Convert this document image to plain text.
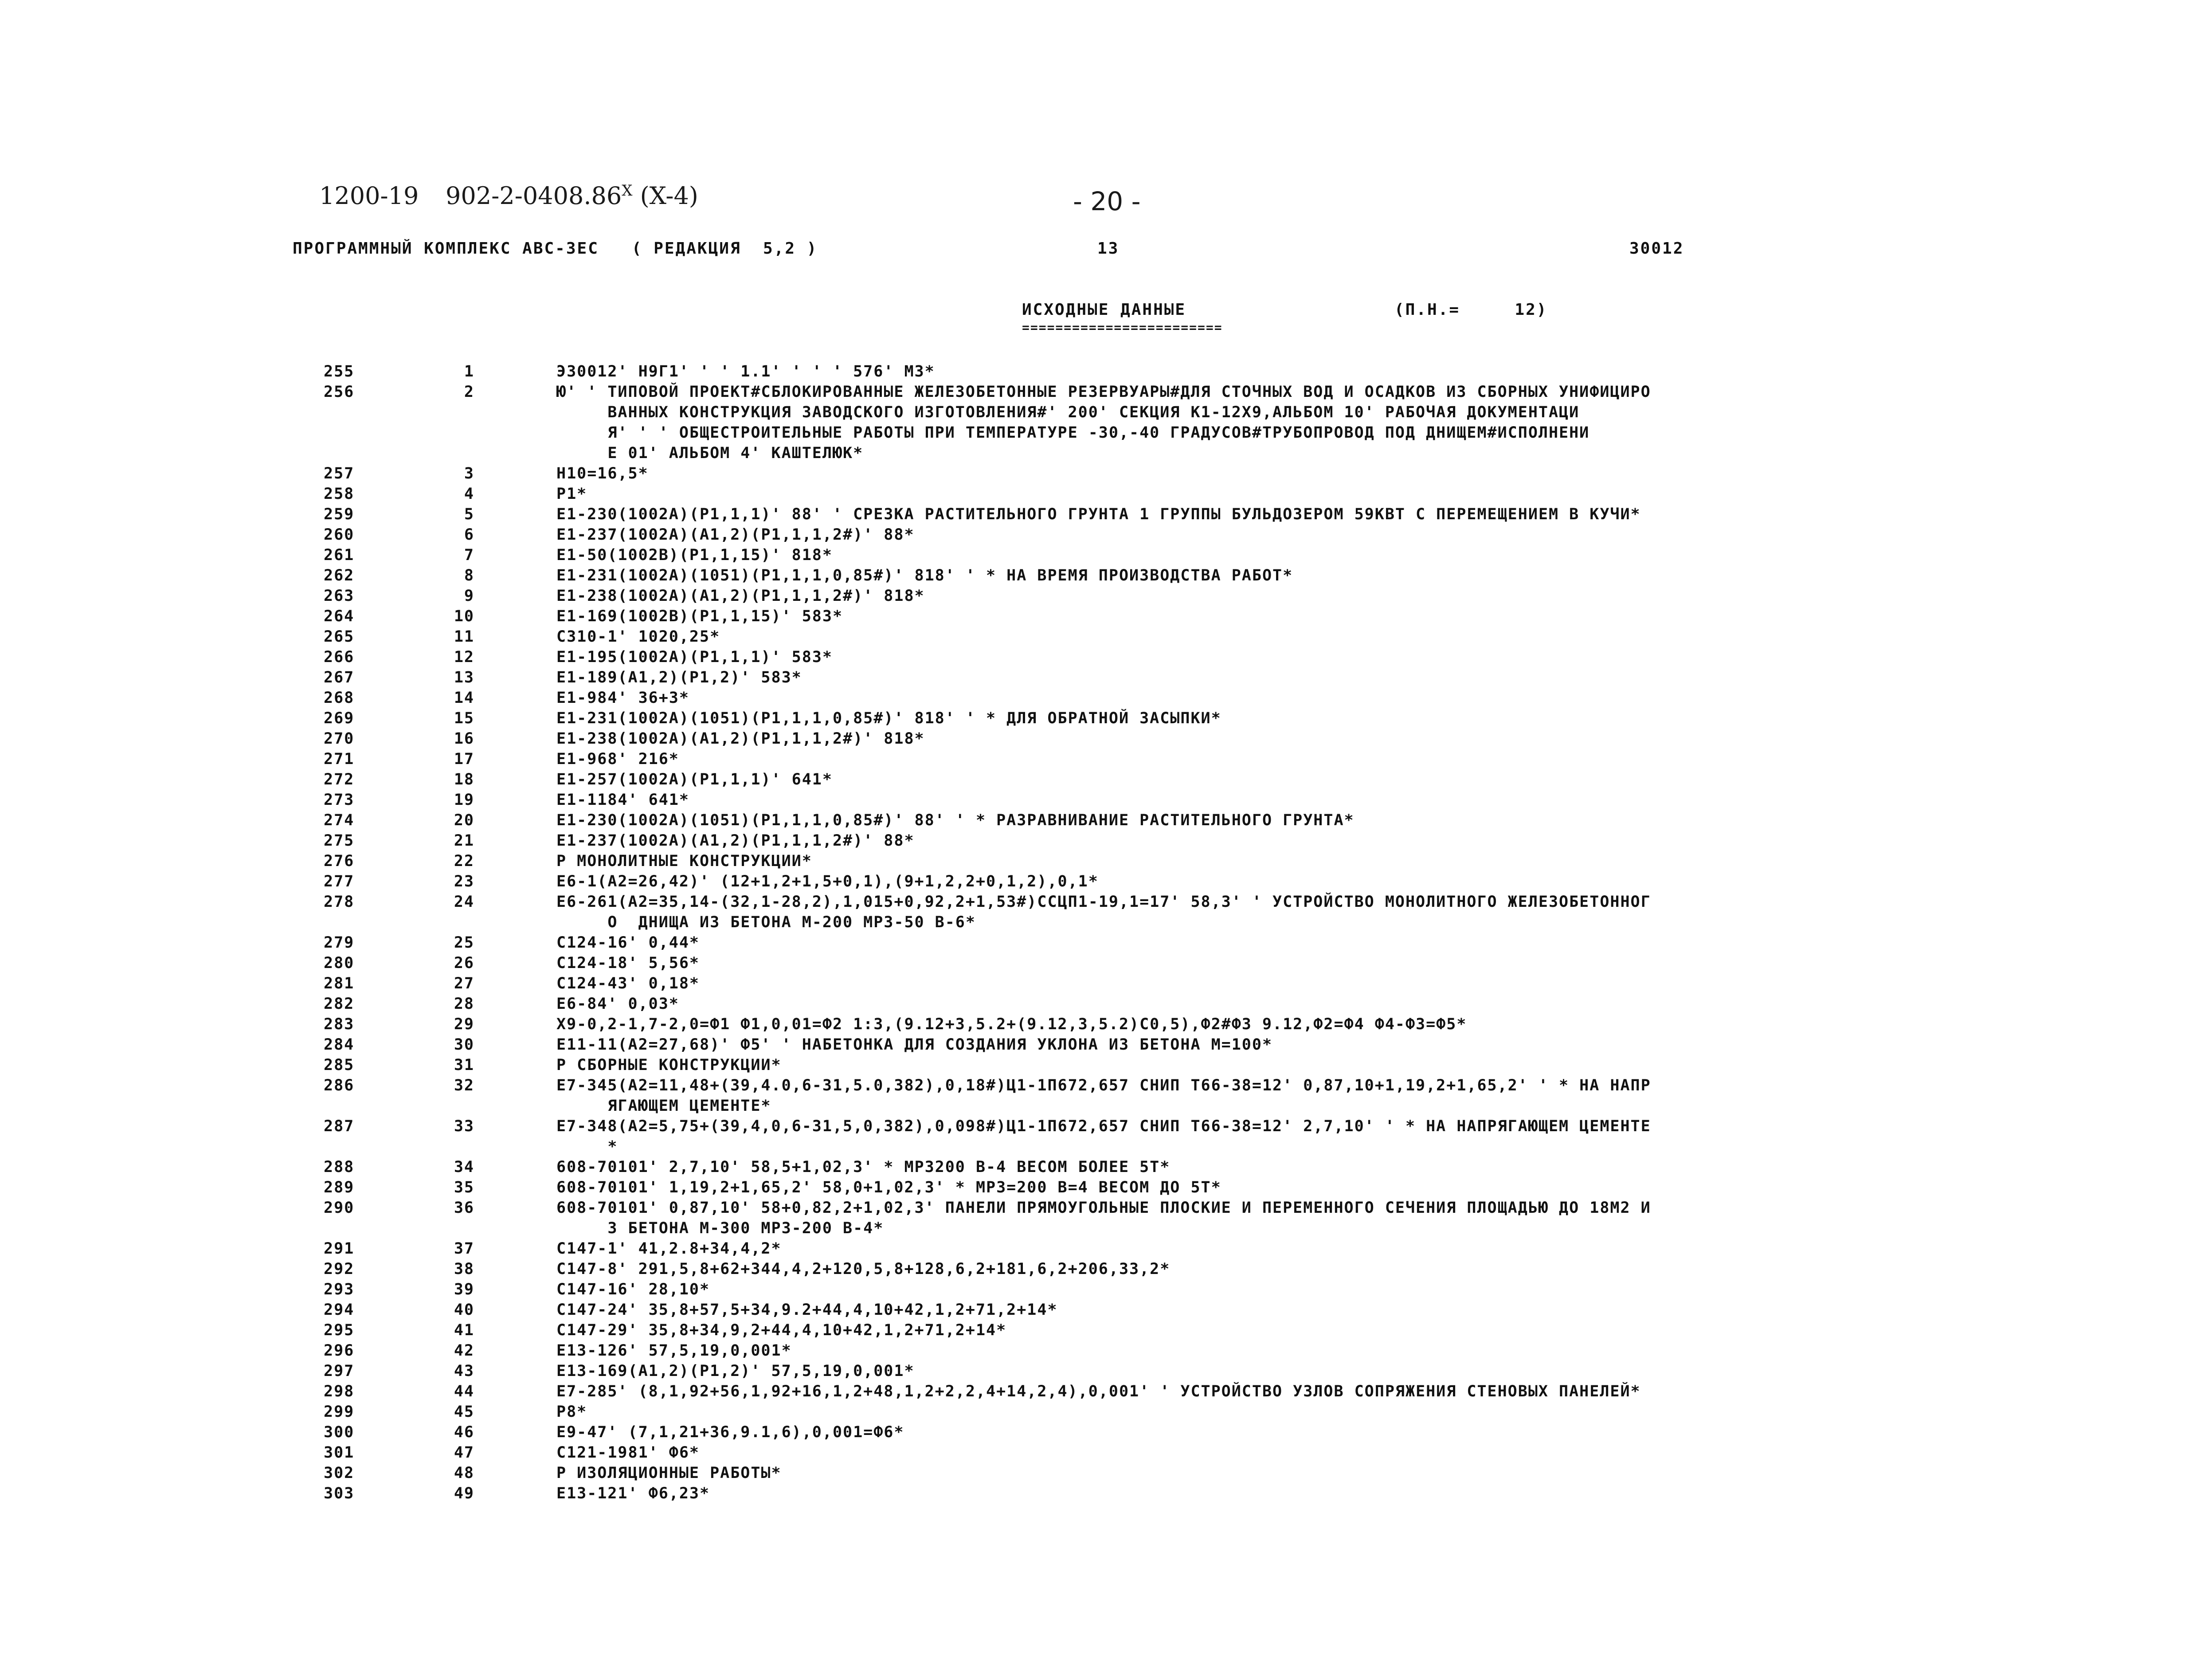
1200-19 $902-2-0408.86^X$ (X-4)	- 20 -
ПРОГРАММНЫЙ КОМПЛЕКС АВС-3ЕС   ( РЕДАКЦИЯ  5,2 )	13	30012
ИСХОДНЫЕ ДАННЫЕ
========================
(П.Н.=     12)
255	1	Э30012' Н9Г1' ' ' 1.1' ' ' ' 576' МЗ*
256	2	Ю' ' ТИПОВОЙ ПРОЕКТ#СБЛОКИРОВАННЫЕ ЖЕЛЕЗОБЕТОННЫЕ РЕЗЕРВУАРЫ#ДЛЯ СТОЧНЫХ ВОД И ОСАДКОВ ИЗ СБОРНЫХ УНИФИЦИРО
ВАННЫХ КОНСТРУКЦИЯ ЗАВОДСКОГО ИЗГОТОВЛЕНИЯ#' 200' СЕКЦИЯ К1-12Х9,АЛЬБОМ 10' РАБОЧАЯ ДОКУМЕНТАЦИ
Я' ' ' ОБЩЕСТРОИТЕЛЬНЫЕ РАБОТЫ ПРИ ТЕМПЕРАТУРЕ -30,-40 ГРАДУСОВ#ТРУБОПРОВОД ПОД ДНИЩЕМ#ИСПОЛНЕНИ
Е 01' АЛЬБОМ 4' КАШТЕЛЮК*
257	3	Н10=16,5*
258	4	Р1*
259	5	Е1-230(1002А)(Р1,1,1)' 88' ' СРЕЗКА РАСТИТЕЛЬНОГО ГРУНТА 1 ГРУППЫ БУЛЬДОЗЕРОМ 59КВТ С ПЕРЕМЕЩЕНИЕМ В КУЧИ*
260	6	Е1-237(1002А)(А1,2)(Р1,1,1,2#)' 88*
261	7	Е1-50(1002В)(Р1,1,15)' 818*
262	8	Е1-231(1002А)(1051)(Р1,1,1,0,85#)' 818' ' * НА ВРЕМЯ ПРОИЗВОДСТВА РАБОТ*
263	9	Е1-238(1002А)(А1,2)(Р1,1,1,2#)' 818*
264	10	Е1-169(1002В)(Р1,1,15)' 583*
265	11	С310-1' 1020,25*
266	12	Е1-195(1002А)(Р1,1,1)' 583*
267	13	Е1-189(А1,2)(Р1,2)' 583*
268	14	Е1-984' 36+3*
269	15	Е1-231(1002А)(1051)(Р1,1,1,0,85#)' 818' ' * ДЛЯ ОБРАТНОЙ ЗАСЫПКИ*
270	16	Е1-238(1002А)(А1,2)(Р1,1,1,2#)' 818*
271	17	Е1-968' 216*
272	18	Е1-257(1002А)(Р1,1,1)' 641*
273	19	Е1-1184' 641*
274	20	Е1-230(1002А)(1051)(Р1,1,1,0,85#)' 88' ' * РАЗРАВНИВАНИЕ РАСТИТЕЛЬНОГО ГРУНТА*
275	21	Е1-237(1002А)(А1,2)(Р1,1,1,2#)' 88*
276	22	Р МОНОЛИТНЫЕ КОНСТРУКЦИИ*
277	23	Е6-1(А2=26,42)' (12+1,2+1,5+0,1),(9+1,2,2+0,1,2),0,1*
278	24	Е6-261(А2=35,14-(32,1-28,2),1,015+0,92,2+1,53#)ССЦП1-19,1=17' 58,3' ' УСТРОЙСТВО МОНОЛИТНОГО ЖЕЛЕЗОБЕТОННОГ
О  ДНИЩА ИЗ БЕТОНА М-200 МРЗ-50 В-6*
279	25	С124-16' 0,44*
280	26	С124-18' 5,56*
281	27	С124-43' 0,18*
282	28	Е6-84' 0,03*
283	29	Х9-0,2-1,7-2,0=Ф1 Ф1,0,01=Ф2 1:3,(9.12+3,5.2+(9.12,3,5.2)С0,5),Ф2#Ф3 9.12,Ф2=Ф4 Ф4-Ф3=Ф5*
284	30	Е11-11(А2=27,68)' Ф5' ' НАБЕТОНКА ДЛЯ СОЗДАНИЯ УКЛОНА ИЗ БЕТОНА М=100*
285	31	Р СБОРНЫЕ КОНСТРУКЦИИ*
286	32	Е7-345(А2=11,48+(39,4.0,6-31,5.0,382),0,18#)Ц1-1П672,657 СНИП Т66-38=12' 0,87,10+1,19,2+1,65,2' ' * НА НАПР
ЯГАЮЩЕМ ЦЕМЕНТЕ*
287	33	Е7-348(А2=5,75+(39,4,0,6-31,5,0,382),0,098#)Ц1-1П672,657 СНИП Т66-38=12' 2,7,10' ' * НА НАПРЯГАЮЩЕМ ЦЕМЕНТЕ
*
288	34	608-70101' 2,7,10' 58,5+1,02,3' * МРЗ200 В-4 ВЕСОМ БОЛЕЕ 5Т*
289	35	608-70101' 1,19,2+1,65,2' 58,0+1,02,3' * МРЗ=200 В=4 ВЕСОМ ДО 5Т*
290	36	608-70101' 0,87,10' 58+0,82,2+1,02,3' ПАНЕЛИ ПРЯМОУГОЛЬНЫЕ ПЛОСКИЕ И ПЕРЕМЕННОГО СЕЧЕНИЯ ПЛОЩАДЬЮ ДО 18М2 И
З БЕТОНА М-300 МРЗ-200 В-4*
291	37	С147-1' 41,2.8+34,4,2*
292	38	С147-8' 291,5,8+62+344,4,2+120,5,8+128,6,2+181,6,2+206,33,2*
293	39	С147-16' 28,10*
294	40	С147-24' 35,8+57,5+34,9.2+44,4,10+42,1,2+71,2+14*
295	41	С147-29' 35,8+34,9,2+44,4,10+42,1,2+71,2+14*
296	42	Е13-126' 57,5,19,0,001*
297	43	Е13-169(А1,2)(Р1,2)' 57,5,19,0,001*
298	44	Е7-285' (8,1,92+56,1,92+16,1,2+48,1,2+2,2,4+14,2,4),0,001' ' УСТРОЙСТВО УЗЛОВ СОПРЯЖЕНИЯ СТЕНОВЫХ ПАНЕЛЕЙ*
299	45	Р8*
300	46	Е9-47' (7,1,21+36,9.1,6),0,001=Ф6*
301	47	С121-1981' Ф6*
302	48	Р ИЗОЛЯЦИОННЫЕ РАБОТЫ*
303	49	Е13-121' Ф6,23*
